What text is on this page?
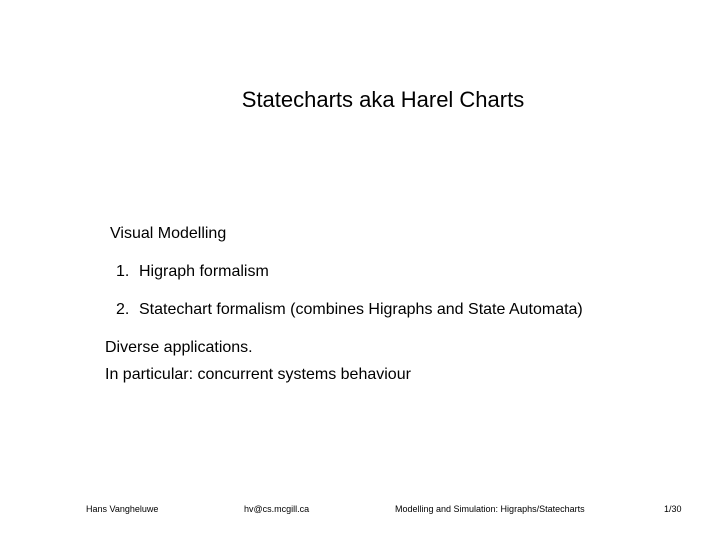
Statecharts aka Harel Charts
Visual Modelling
1. Higraph formalism
2. Statechart formalism (combines Higraphs and State Automata)
Diverse applications.
In particular: concurrent systems behaviour
Hans Vangheluwe	hv@cs.mcgill.ca	Modelling and Simulation: Higraphs/Statecharts	1/30
